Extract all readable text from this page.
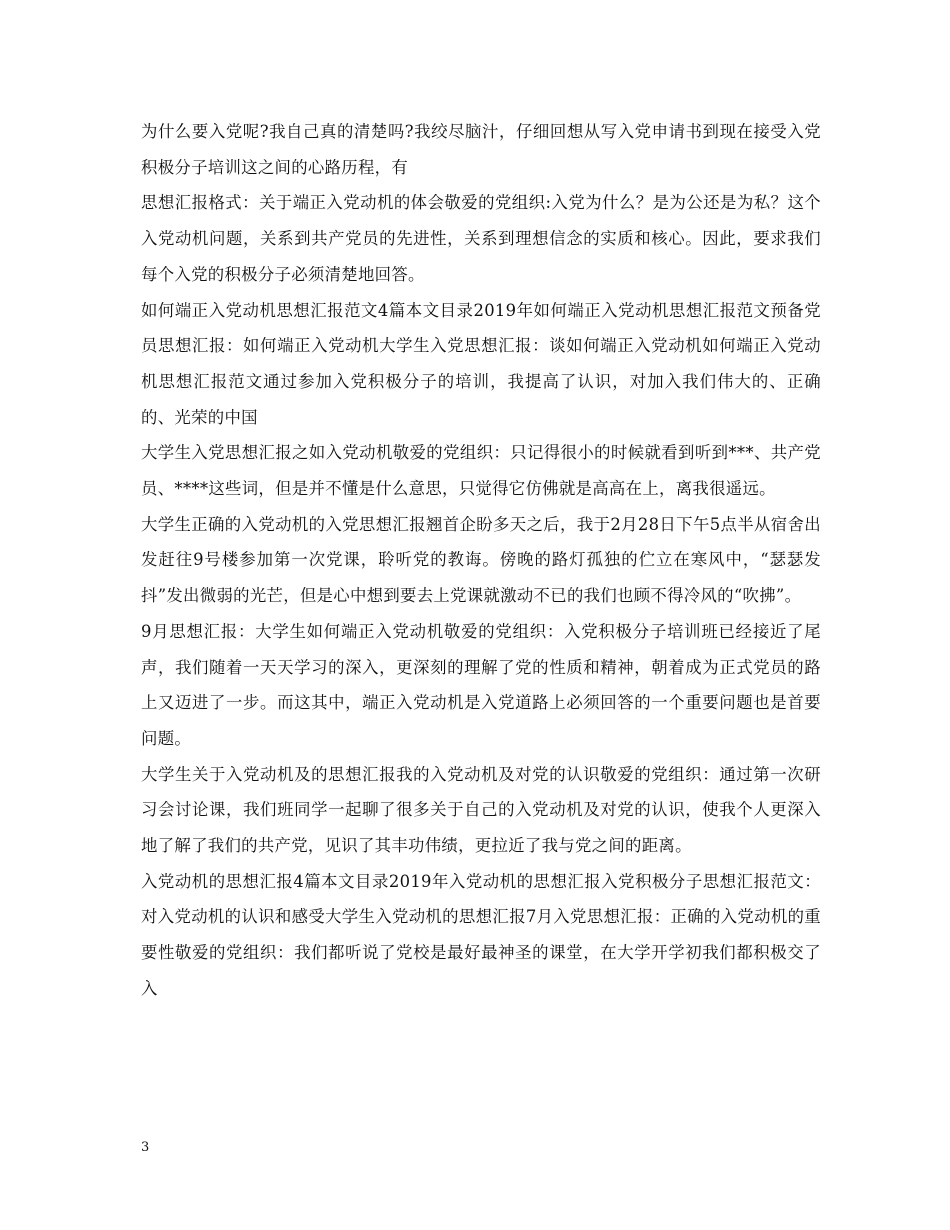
为什么要入党呢?我自己真的清楚吗?我绞尽脑汁，仔细回想从写入党申请书到现在接受入党积极分子培训这之间的心路历程，有

思想汇报格式：关于端正入党动机的体会敬爱的党组织:入党为什么？是为公还是为私？这个入党动机问题，关系到共产党员的先进性，关系到理想信念的实质和核心。因此，要求我们每个入党的积极分子必须清楚地回答。

如何端正入党动机思想汇报范文4篇本文目录2019年如何端正入党动机思想汇报范文预备党员思想汇报：如何端正入党动机大学生入党思想汇报：谈如何端正入党动机如何端正入党动机思想汇报范文通过参加入党积极分子的培训，我提高了认识，对加入我们伟大的、正确的、光荣的中国

大学生入党思想汇报之如入党动机敬爱的党组织：只记得很小的时候就看到听到***、共产党员、****这些词，但是并不懂是什么意思，只觉得它仿佛就是高高在上，离我很遥远。

大学生正确的入党动机的入党思想汇报翘首企盼多天之后，我于2月28日下午5点半从宿舍出发赶往9号楼参加第一次党课，聆听党的教诲。傍晚的路灯孤独的伫立在寒风中，“瑟瑟发抖”发出微弱的光芒，但是心中想到要去上党课就激动不已的我们也顾不得冷风的“吹拂”。

9月思想汇报：大学生如何端正入党动机敬爱的党组织：入党积极分子培训班已经接近了尾声，我们随着一天天学习的深入，更深刻的理解了党的性质和精神，朝着成为正式党员的路上又迈进了一步。而这其中，端正入党动机是入党道路上必须回答的一个重要问题也是首要问题。

大学生关于入党动机及的思想汇报我的入党动机及对党的认识敬爱的党组织：通过第一次研习会讨论课，我们班同学一起聊了很多关于自己的入党动机及对党的认识，使我个人更深入地了解了我们的共产党，见识了其丰功伟绩，更拉近了我与党之间的距离。

入党动机的思想汇报4篇本文目录2019年入党动机的思想汇报入党积极分子思想汇报范文：对入党动机的认识和感受大学生入党动机的思想汇报7月入党思想汇报：正确的入党动机的重要性敬爱的党组织：我们都听说了党校是最好最神圣的课堂，在大学开学初我们都积极交了入

3
